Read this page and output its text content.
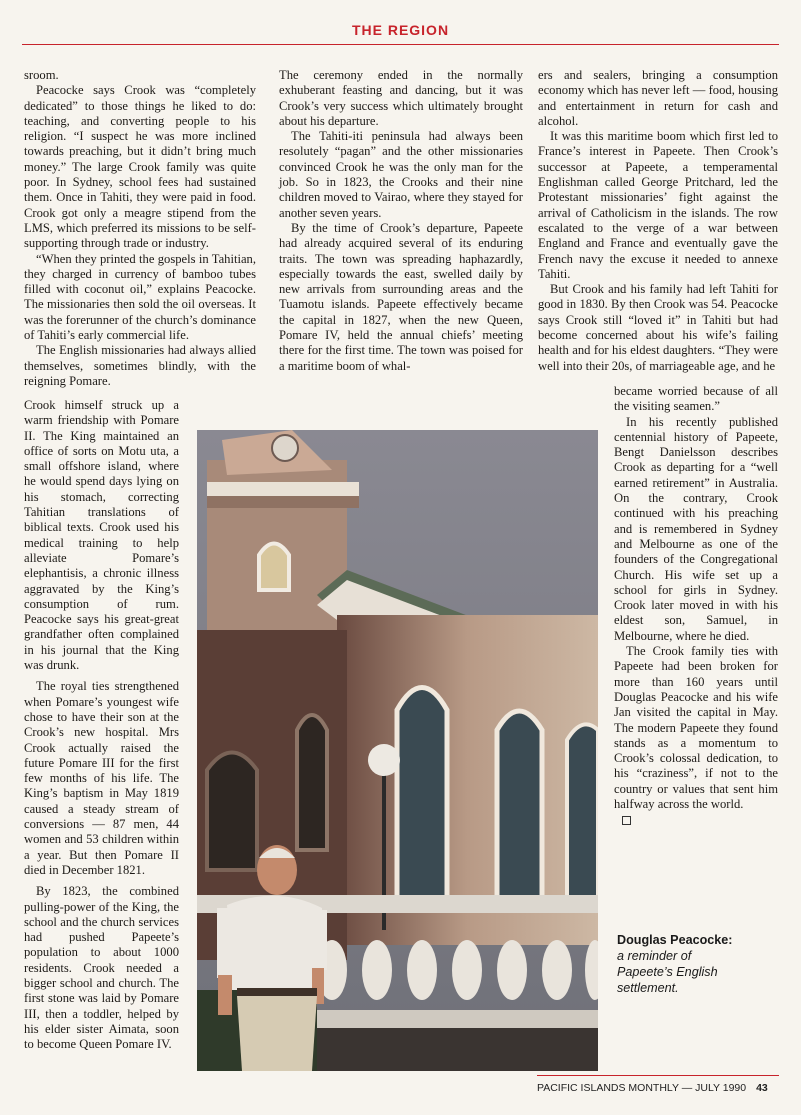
THE REGION

sroom.

Peacocke says Crook was “completely dedicated” to those things he liked to do: teaching, and converting people to his religion. “I suspect he was more inclined towards preaching, but it didn’t bring much money.” The large Crook family was quite poor. In Sydney, school fees had sustained them. Once in Tahiti, they were paid in food. Crook got only a meagre stipend from the LMS, which preferred its missions to be self-supporting through trade or industry.

“When they printed the gospels in Tahitian, they charged in currency of bamboo tubes filled with coconut oil,” explains Peacocke. The missionaries then sold the oil overseas. It was the forerunner of the church’s dominance of Tahiti’s early commercial life.

The English missionaries had always allied themselves, sometimes blindly, with the reigning Pomare.

Crook himself struck up a warm friendship with Pomare II. The King maintained an office of sorts on Motu uta, a small offshore island, where he would spend days lying on his stomach, correcting Tahitian translations of biblical texts. Crook used his medical training to help alleviate Pomare’s elephantisis, a chronic illness aggravated by the King’s consumption of rum. Peacocke says his great-great grandfather often complained in his journal that the King was drunk.

The royal ties strengthened when Pomare’s youngest wife chose to have their son at the Crook’s new hospital. Mrs Crook actually raised the future Pomare III for the first few months of his life. The King’s baptism in May 1819 caused a steady stream of conversions — 87 men, 44 women and 53 children within a year. But then Pomare II died in December 1821.

By 1823, the combined pulling-power of the King, the school and the church services had pushed Papeete’s population to about 1000 residents. Crook needed a bigger school and church. The first stone was laid by Pomare III, then a toddler, helped by his elder sister Aimata, soon to become Queen Pomare IV.

The ceremony ended in the normally exhuberant feasting and dancing, but it was Crook’s very success which ultimately brought about his departure.

The Tahiti-iti peninsula had always been resolutely “pagan” and the other missionaries convinced Crook he was the only man for the job. So in 1823, the Crooks and their nine children moved to Vairao, where they stayed for another seven years.

By the time of Crook’s departure, Papeete had already acquired several of its enduring traits. The town was spreading haphazardly, especially towards the east, swelled daily by new arrivals from surrounding areas and the Tuamotu islands. Papeete effectively became the capital in 1827, when the new Queen, Pomare IV, held the annual chiefs’ meeting there for the first time. The town was poised for a maritime boom of whal-

ers and sealers, bringing a consumption economy which has never left — food, housing and entertainment in return for cash and alcohol.

It was this maritime boom which first led to France’s interest in Papeete. Then Crook’s successor at Papeete, a temperamental Englishman called George Pritchard, led the Protestant missionaries’ fight against the arrival of Catholicism in the islands. The row escalated to the verge of a war between England and France and eventually gave the French navy the excuse it needed to annexe Tahiti.

But Crook and his family had left Tahiti for good in 1830. By then Crook was 54. Peacocke says Crook still “loved it” in Tahiti but had become concerned about his wife’s failing health and for his eldest daughters. “They were well into their 20s, of marriageable age, and he

became worried because of all the visiting seamen.”

In his recently published centennial history of Papeete, Bengt Danielsson describes Crook as departing for a “well earned retirement” in Australia. On the contrary, Crook continued with his preaching and is remembered in Sydney and Melbourne as one of the founders of the Congregational Church. His wife set up a school for girls in Sydney. Crook later moved in with his eldest son, Samuel, in Melbourne, where he died.

The Crook family ties with Papeete had been broken for more than 160 years until Douglas Peacocke and his wife Jan visited the capital in May. The modern Papeete they found stands as a momentum to Crook’s colossal dedication, to his “craziness”, if not to the country or values that sent him halfway across the world.

Douglas Peacocke:
a reminder of Papeete’s English settlement.
PACIFIC ISLANDS MONTHLY — JULY 1990 43
